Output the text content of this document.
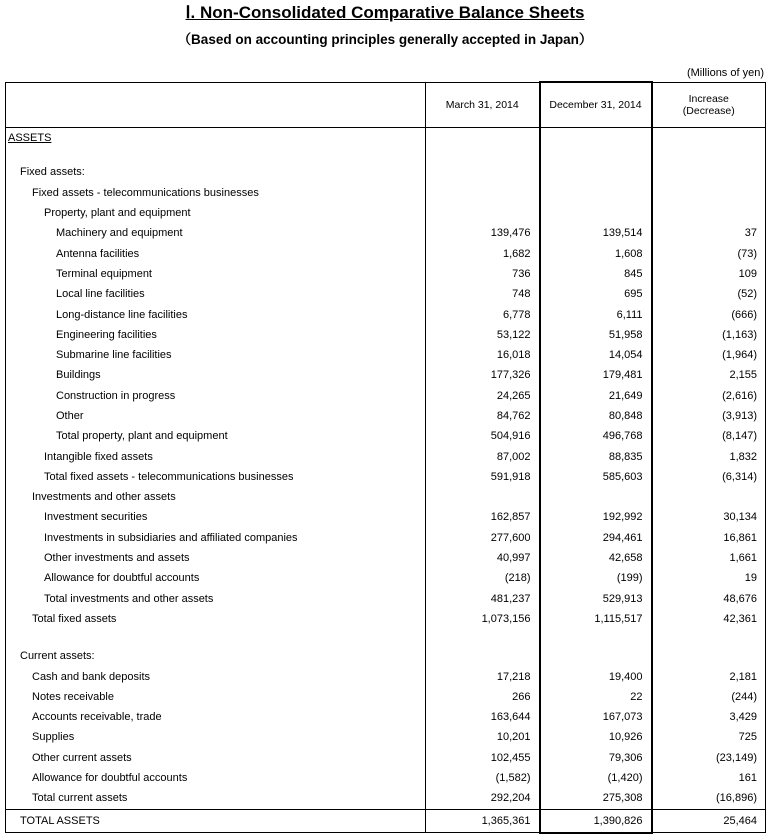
Ⅰ. Non-Consolidated Comparative Balance Sheets
（Based on accounting principles generally accepted in Japan）
(Millions of yen)
	March 31, 2014	December 31, 2014	Increase
(Decrease)
ASSETS			

Fixed assets:			
Fixed assets - telecommunications businesses			
Property, plant and equipment			
Machinery and equipment	139,476	139,514	37
Antenna facilities	1,682	1,608	(73)
Terminal equipment	736	845	109
Local line facilities	748	695	(52)
Long-distance line facilities	6,778	6,111	(666)
Engineering facilities	53,122	51,958	(1,163)
Submarine line facilities	16,018	14,054	(1,964)
Buildings	177,326	179,481	2,155
Construction in progress	24,265	21,649	(2,616)
Other	84,762	80,848	(3,913)
Total property, plant and equipment	504,916	496,768	(8,147)
Intangible fixed assets	87,002	88,835	1,832
Total fixed assets - telecommunications businesses	591,918	585,603	(6,314)
Investments and other assets			
Investment securities	162,857	192,992	30,134
Investments in subsidiaries and affiliated companies	277,600	294,461	16,861
Other investments and assets	40,997	42,658	1,661
Allowance for doubtful accounts	(218)	(199)	19
Total investments and other assets	481,237	529,913	48,676
Total fixed assets	1,073,156	1,115,517	42,361

Current assets:			
Cash and bank deposits	17,218	19,400	2,181
Notes receivable	266	22	(244)
Accounts receivable, trade	163,644	167,073	3,429
Supplies	10,201	10,926	725
Other current assets	102,455	79,306	(23,149)
Allowance for doubtful accounts	(1,582)	(1,420)	161
Total current assets	292,204	275,308	(16,896)
TOTAL ASSETS	1,365,361	1,390,826	25,464
